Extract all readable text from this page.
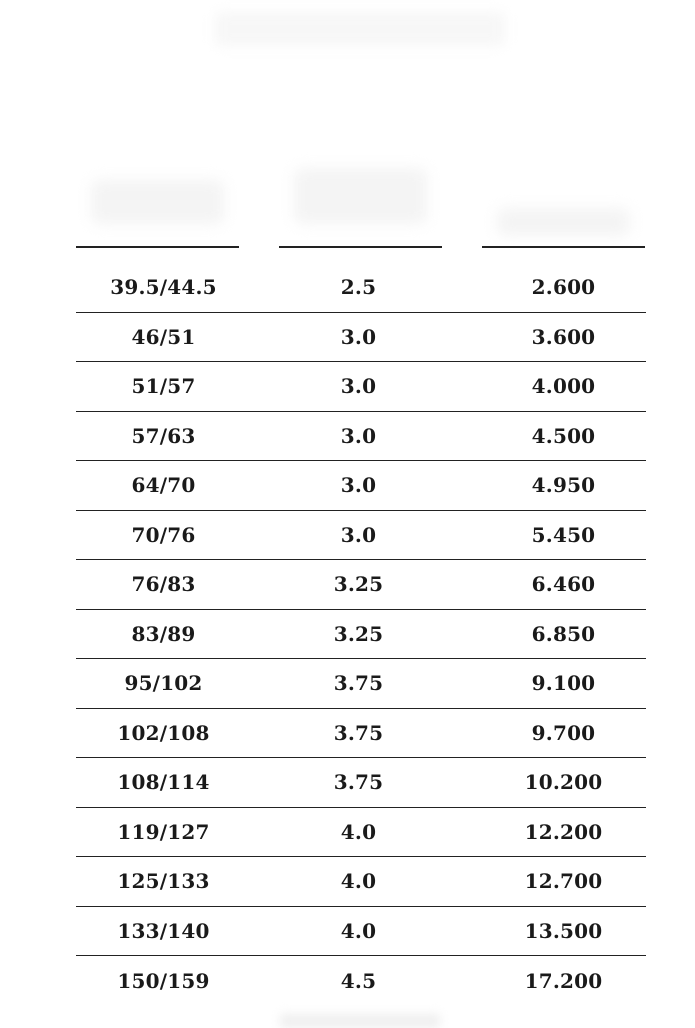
39.5/44.5	2.5	2.600
46/51	3.0	3.600
51/57	3.0	4.000
57/63	3.0	4.500
64/70	3.0	4.950
70/76	3.0	5.450
76/83	3.25	6.460
83/89	3.25	6.850
95/102	3.75	9.100
102/108	3.75	9.700
108/114	3.75	10.200
119/127	4.0	12.200
125/133	4.0	12.700
133/140	4.0	13.500
150/159	4.5	17.200
